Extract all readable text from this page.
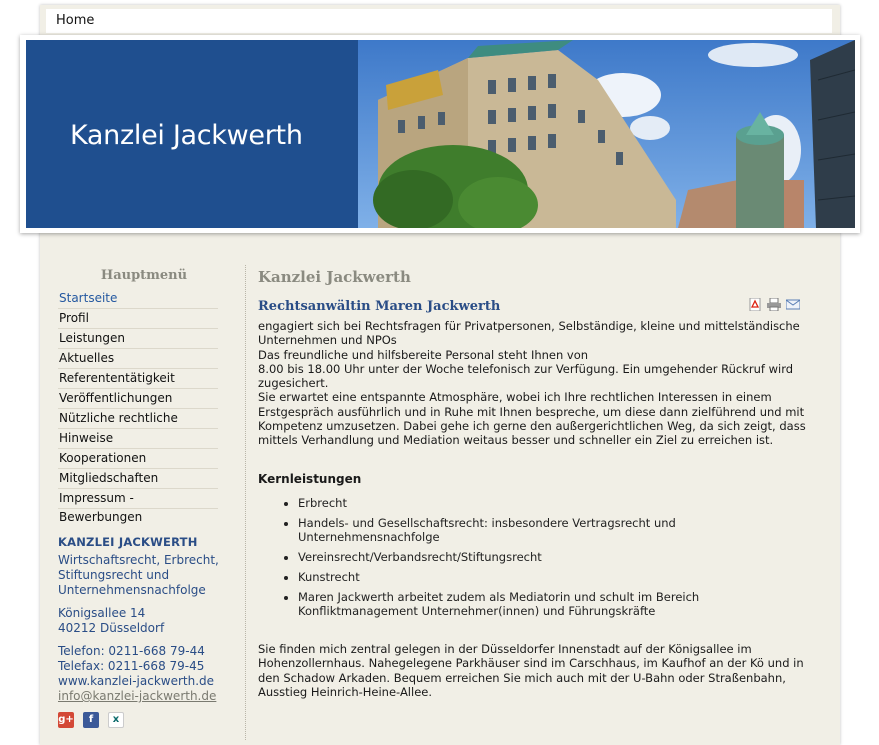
Home
Kanzlei Jackwerth
Hauptmenü
Startseite
Profil
Leistungen
Aktuelles
Referententätigkeit
Veröffentlichungen
Nützliche rechtliche
Hinweise
Kooperationen
Mitgliedschaften
Impressum - Bewerbungen
KANZLEI JACKWERTH
Wirtschaftsrecht, Erbrecht,
Stiftungsrecht und
Unternehmensnachfolge
Königsallee 14
40212 Düsseldorf
Telefon: 0211-668 79-44
Telefax: 0211-668 79-45
www.kanzlei-jackwerth.de
info@kanzlei-jackwerth.de
g+	f	x
Kanzlei Jackwerth
Rechtsanwältin Maren Jackwerth

engagiert sich bei Rechtsfragen für Privatpersonen, Selbständige, kleine und mittelständische Unternehmen und NPOs

Das freundliche und hilfsbereite Personal steht Ihnen von

8.00 bis 18.00 Uhr unter der Woche telefonisch zur Verfügung. Ein umgehender Rückruf wird zugesichert.

Sie erwartet eine entspannte Atmosphäre, wobei ich Ihre rechtlichen Interessen in einem Erstgespräch ausführlich und in Ruhe mit Ihnen bespreche, um diese dann zielführend und mit Kompetenz umzusetzen. Dabei gehe ich gerne den außergerichtlichen Weg, da sich zeigt, dass mittels Verhandlung und Mediation weitaus besser und schneller ein Ziel zu erreichen ist.

Kernleistungen
• Erbrecht
• Handels- und Gesellschaftsrecht: insbesondere Vertragsrecht und Unternehmensnachfolge
• Vereinsrecht/Verbandsrecht/Stiftungsrecht
• Kunstrecht
• Maren Jackwerth arbeitet zudem als Mediatorin und schult im Bereich Konfliktmanagement Unternehmer(innen) und Führungskräfte
Sie finden mich zentral gelegen in der Düsseldorfer Innenstadt auf der Königsallee im Hohenzollernhaus. Nahegelegene Parkhäuser sind im Carschhaus, im Kaufhof an der Kö und in den Schadow Arkaden. Bequem erreichen Sie mich auch mit der U-Bahn oder Straßenbahn, Ausstieg Heinrich-Heine-Allee.
